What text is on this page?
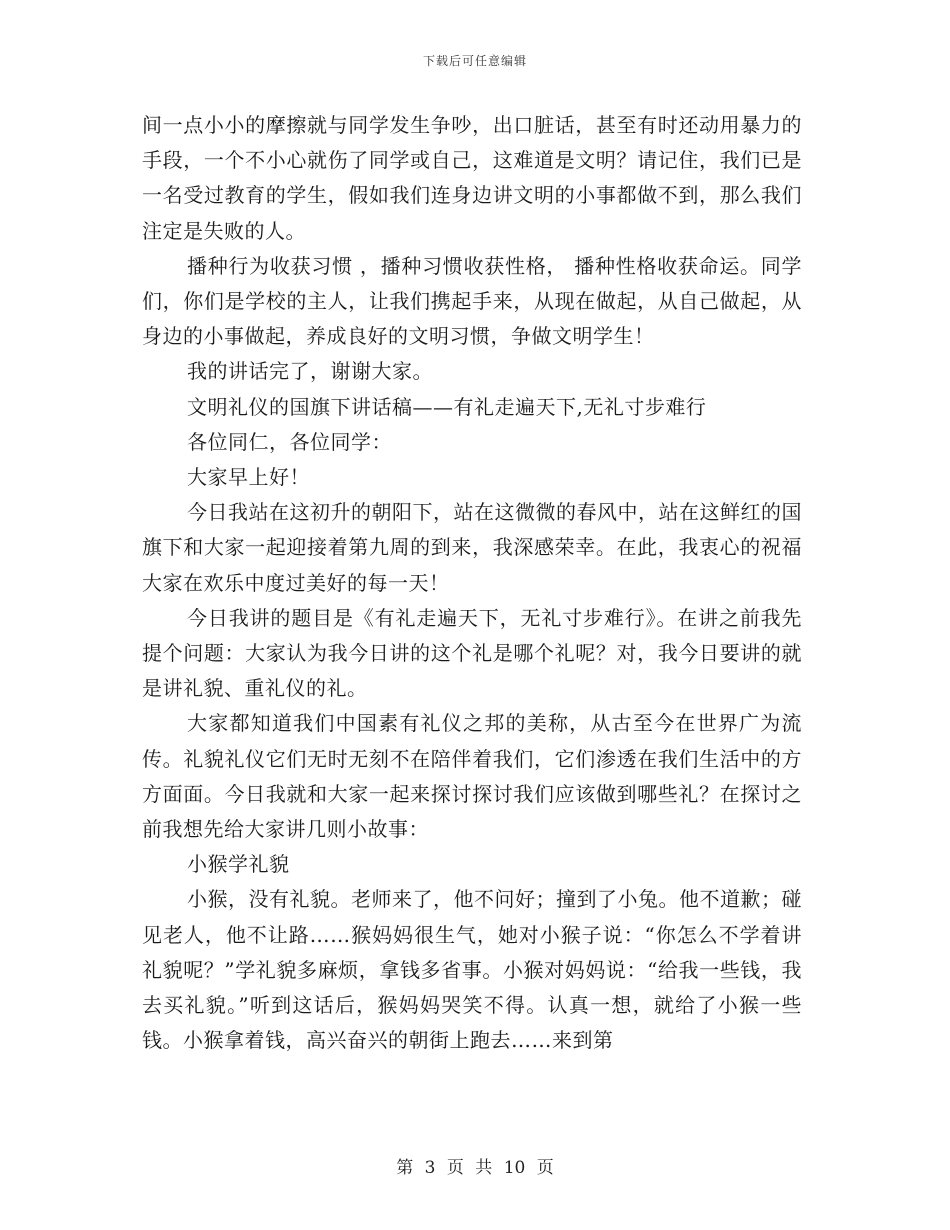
下载后可任意编辑

间一点小小的摩擦就与同学发生争吵，出口脏话，甚至有时还动用暴力的手段，一个不小心就伤了同学或自己，这难道是文明？请记住，我们已是一名受过教育的学生，假如我们连身边讲文明的小事都做不到，那么我们注定是失败的人。

播种行为收获习惯 ，播种习惯收获性格， 播种性格收获命运。同学们，你们是学校的主人，让我们携起手来，从现在做起，从自己做起，从身边的小事做起，养成良好的文明习惯，争做文明学生！

我的讲话完了，谢谢大家。

文明礼仪的国旗下讲话稿——有礼走遍天下,无礼寸步难行

各位同仁，各位同学：

大家早上好！

今日我站在这初升的朝阳下，站在这微微的春风中，站在这鲜红的国旗下和大家一起迎接着第九周的到来，我深感荣幸。在此，我衷心的祝福大家在欢乐中度过美好的每一天！

今日我讲的题目是《有礼走遍天下，无礼寸步难行》。在讲之前我先提个问题：大家认为我今日讲的这个礼是哪个礼呢？对，我今日要讲的就是讲礼貌、重礼仪的礼。

大家都知道我们中国素有礼仪之邦的美称，从古至今在世界广为流传。礼貌礼仪它们无时无刻不在陪伴着我们，它们渗透在我们生活中的方方面面。今日我就和大家一起来探讨探讨我们应该做到哪些礼？在探讨之前我想先给大家讲几则小故事：

小猴学礼貌

小猴，没有礼貌。老师来了，他不问好；撞到了小兔。他不道歉；碰见老人，他不让路……猴妈妈很生气，她对小猴子说：“你怎么不学着讲礼貌呢？”学礼貌多麻烦，拿钱多省事。小猴对妈妈说：“给我一些钱，我去买礼貌。”听到这话后，猴妈妈哭笑不得。认真一想，就给了小猴一些钱。小猴拿着钱，高兴奋兴的朝街上跑去……来到第

第 3 页 共 10 页
